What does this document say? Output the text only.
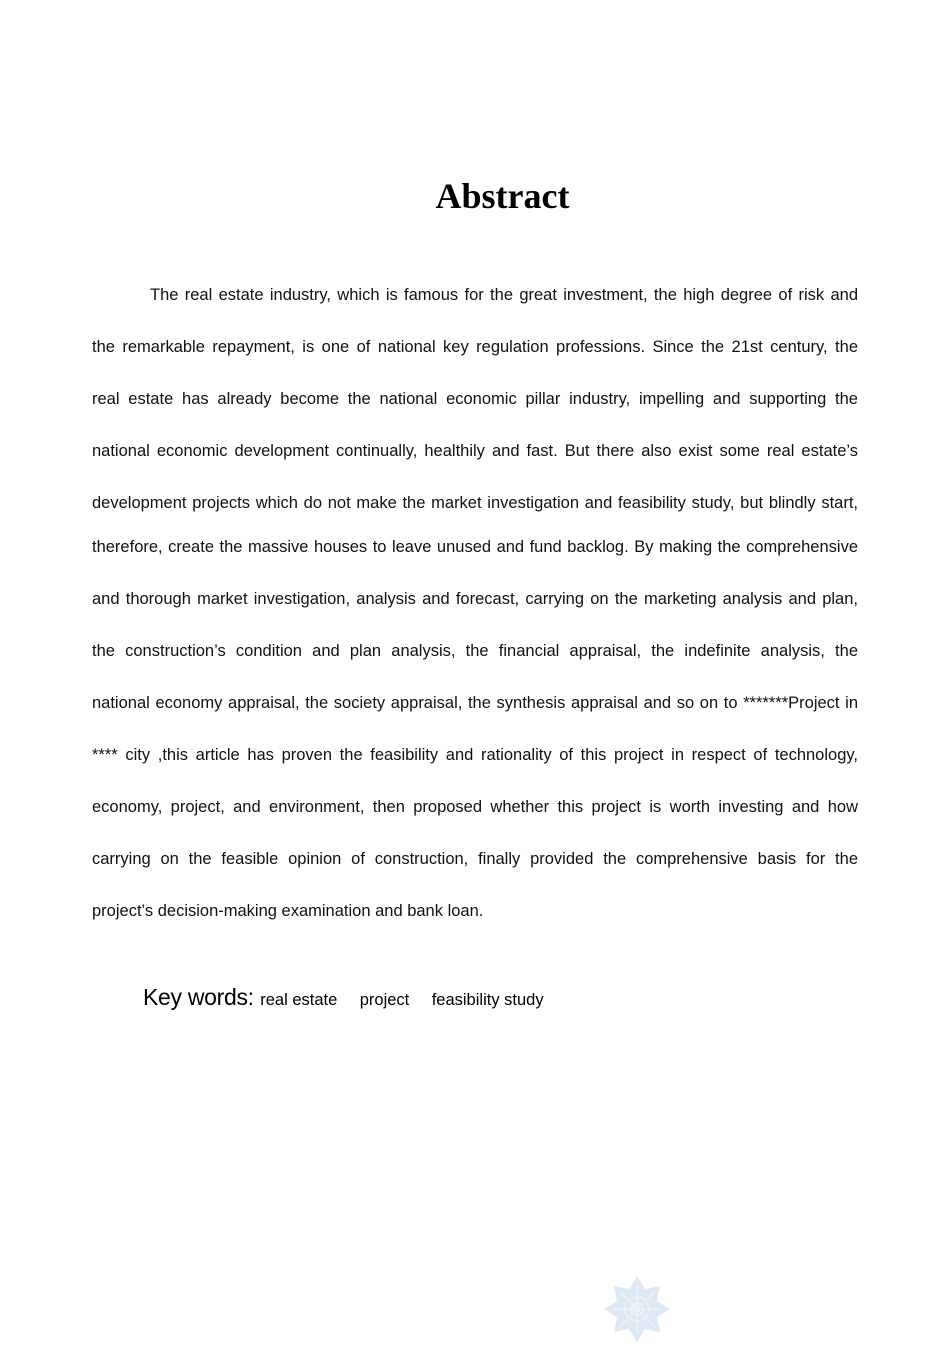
Abstract
The real estate industry, which is famous for the great investment, the high degree of risk and
the remarkable repayment, is one of national key regulation professions. Since the 21st century, the
real estate has already become the national economic pillar industry, impelling and supporting the
national economic development continually, healthily and fast. But there also exist some real estate’s
development projects which do not make the market investigation and feasibility study, but blindly start,
therefore, create the massive houses to leave unused and fund backlog. By making the comprehensive
and thorough market investigation, analysis and forecast, carrying on the marketing analysis and plan,
the construction’s condition and plan analysis, the financial appraisal, the indefinite analysis, the
national economy appraisal, the society appraisal, the synthesis appraisal and so on to *******Project in
**** city ,this article has proven the feasibility and rationality of this project in respect of technology,
economy, project, and environment, then proposed whether this project is worth investing and how
carrying on the feasible opinion of construction, finally provided the comprehensive basis for the
project’s decision-making examination and bank loan.
Key words: real estate project feasibility study
